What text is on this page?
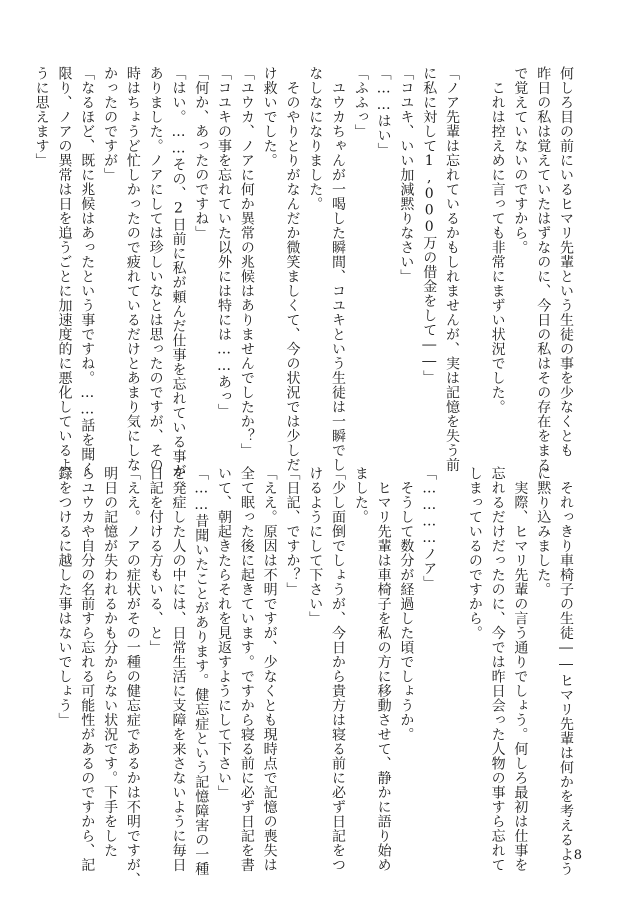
何しろ目の前にいるヒマリ先輩という生徒の事を少なくとも
昨日の私は覚えていたはずなのに、今日の私はその存在をまる
で覚えていないのですから。
　これは控えめに言っても非常にまずい状況でした。

「ノア先輩は忘れているかもしれませんが、実は記憶を失う前
に私に対して1,000万の借金をして――」
「コユキ、いい加減黙りなさい」
「……はい」
「ふふっ」
　ユウカちゃんが一喝した瞬間、コユキという生徒は一瞬でし
なしなになりました。
　そのやりとりがなんだか微笑ましくて、今の状況では少しだ
け救いでした。
「ユウカ、ノアに何か異常の兆候はありませんでしたか？」
「コユキの事を忘れていた以外には特には……あっ」
「何か、あったのですね」
「はい。……その、2日前に私が頼んだ仕事を忘れている事が
ありました。ノアにしては珍しいなとは思ったのですが、その
時はちょうど忙しかったので疲れているだけとあまり気にしな
かったのですが」
「なるほど、既に兆候はあったという事ですね。……話を聞く
限り、ノアの異常は日を追うごとに加速度的に悪化しているよ
うに思えます」
　それっきり車椅子の生徒――ヒマリ先輩は何かを考えるよう
に黙り込みました。
　実際、ヒマリ先輩の言う通りでしょう。何しろ最初は仕事を
忘れるだけだったのに、今では昨日会った人物の事すら忘れて
しまっているのですから。

「…………ノア」
　そうして数分が経過した頃でしょうか。
　ヒマリ先輩は車椅子を私の方に移動させて、静かに語り始め
ました。
「少し面倒でしょうが、今日から貴方は寝る前に必ず日記をつ
けるようにして下さい」
「日記、ですか？」
「ええ。原因は不明ですが、少なくとも現時点で記憶の喪失は
全て眠った後に起きています。ですから寝る前に必ず日記を書
いて、朝起きたらそれを見返すようにして下さい」
「……昔聞いたことがあります。健忘症という記憶障害の一種
を発症した人の中には、日常生活に支障を来さないように毎日
日記を付ける方もいる、と」
「ええ。ノアの症状がその一種の健忘症であるかは不明ですが、
明日の記憶が失われるかも分からない状況です。下手をした
らユウカや自分の名前すら忘れる可能性があるのですから、記
録をつけるに越した事はないでしょう」
8
